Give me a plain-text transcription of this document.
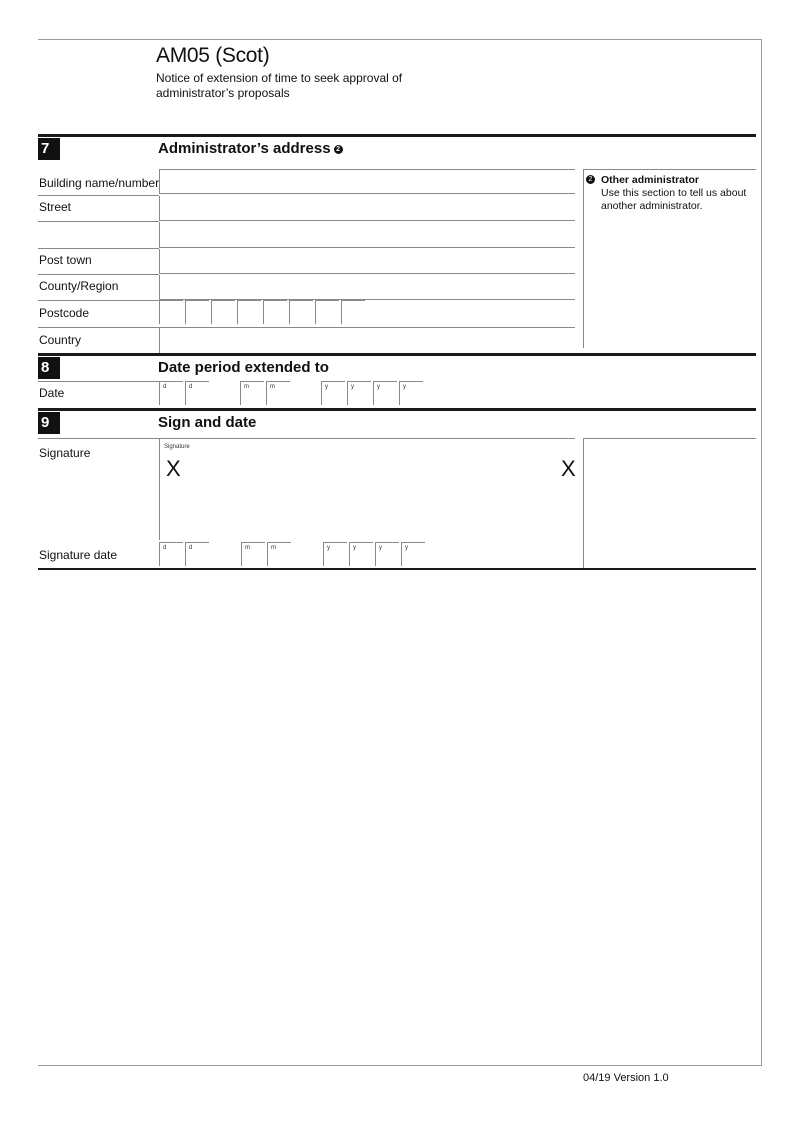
AM05 (Scot)
Notice of extension of time to seek approval of administrator’s proposals
7	Administrator’s address 2
2 Other administrator
Use this section to tell us about another administrator.
Building name/number
Street
Post town
County/Region
Postcode
Country
8	Date period extended to
Date	d	d	m	m	y	y	y	y
9	Sign and date
Signature	Signature
X	X
Signature date	d	d	m	m	y	y	y	y
04/19 Version 1.0
